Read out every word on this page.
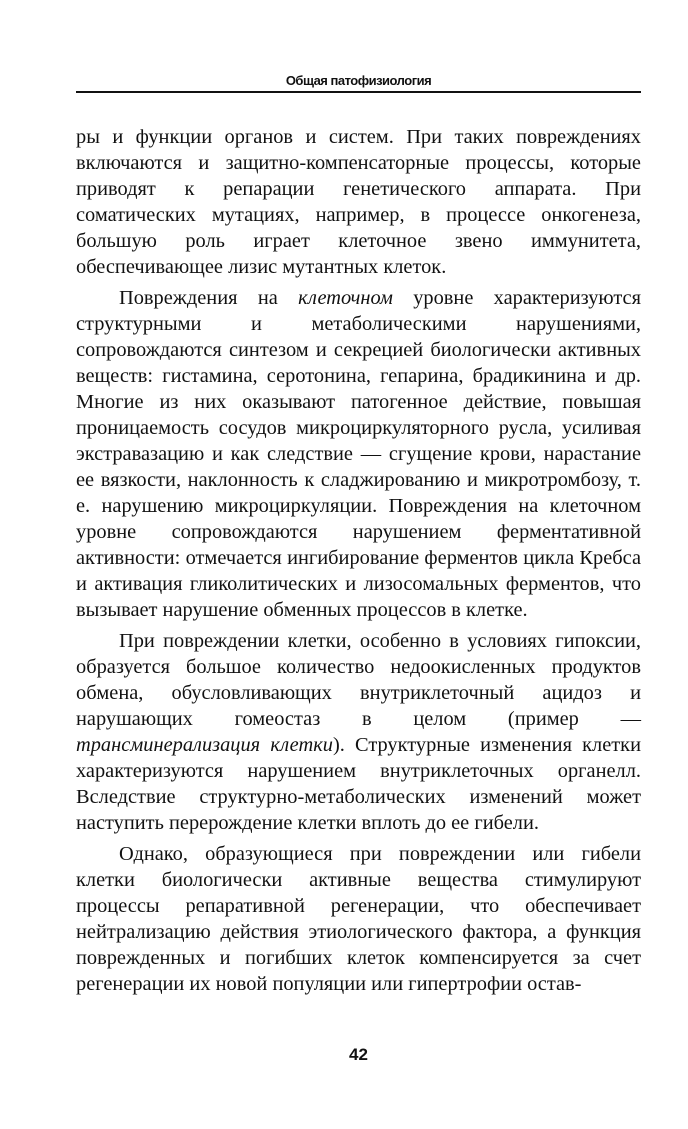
Общая патофизиология

ры и функции органов и систем. При таких повреждениях включаются и защитно-компенсаторные процессы, которые приводят к репарации генетического аппарата. При соматических мутациях, например, в процессе онкогенеза, большую роль играет клеточное звено иммунитета, обеспечивающее лизис мутантных клеток.

Повреждения на клеточном уровне характеризуются структурными и метаболическими нарушениями, сопровождаются синтезом и секрецией биологически активных веществ: гистамина, серотонина, гепарина, брадикинина и др. Многие из них оказывают патогенное действие, повышая проницаемость сосудов микроциркуляторного русла, усиливая экстравазацию и как следствие — сгущение крови, нарастание ее вязкости, наклонность к сладжированию и микротромбозу, т. е. нарушению микроциркуляции. Повреждения на клеточном уровне сопровождаются нарушением ферментативной активности: отмечается ингибирование ферментов цикла Кребса и активация гликолитических и лизосомальных ферментов, что вызывает нарушение обменных процессов в клетке.

При повреждении клетки, особенно в условиях гипоксии, образуется большое количество недоокисленных продуктов обмена, обусловливающих внутриклеточный ацидоз и нарушающих гомеостаз в целом (пример — трансминерализация клетки). Структурные изменения клетки характеризуются нарушением внутриклеточных органелл. Вследствие структурно-метаболических изменений может наступить перерождение клетки вплоть до ее гибели.

Однако, образующиеся при повреждении или гибели клетки биологически активные вещества стимулируют процессы репаративной регенерации, что обеспечивает нейтрализацию действия этиологического фактора, а функция поврежденных и погибших клеток компенсируется за счет регенерации их новой популяции или гипертрофии остав-

42
